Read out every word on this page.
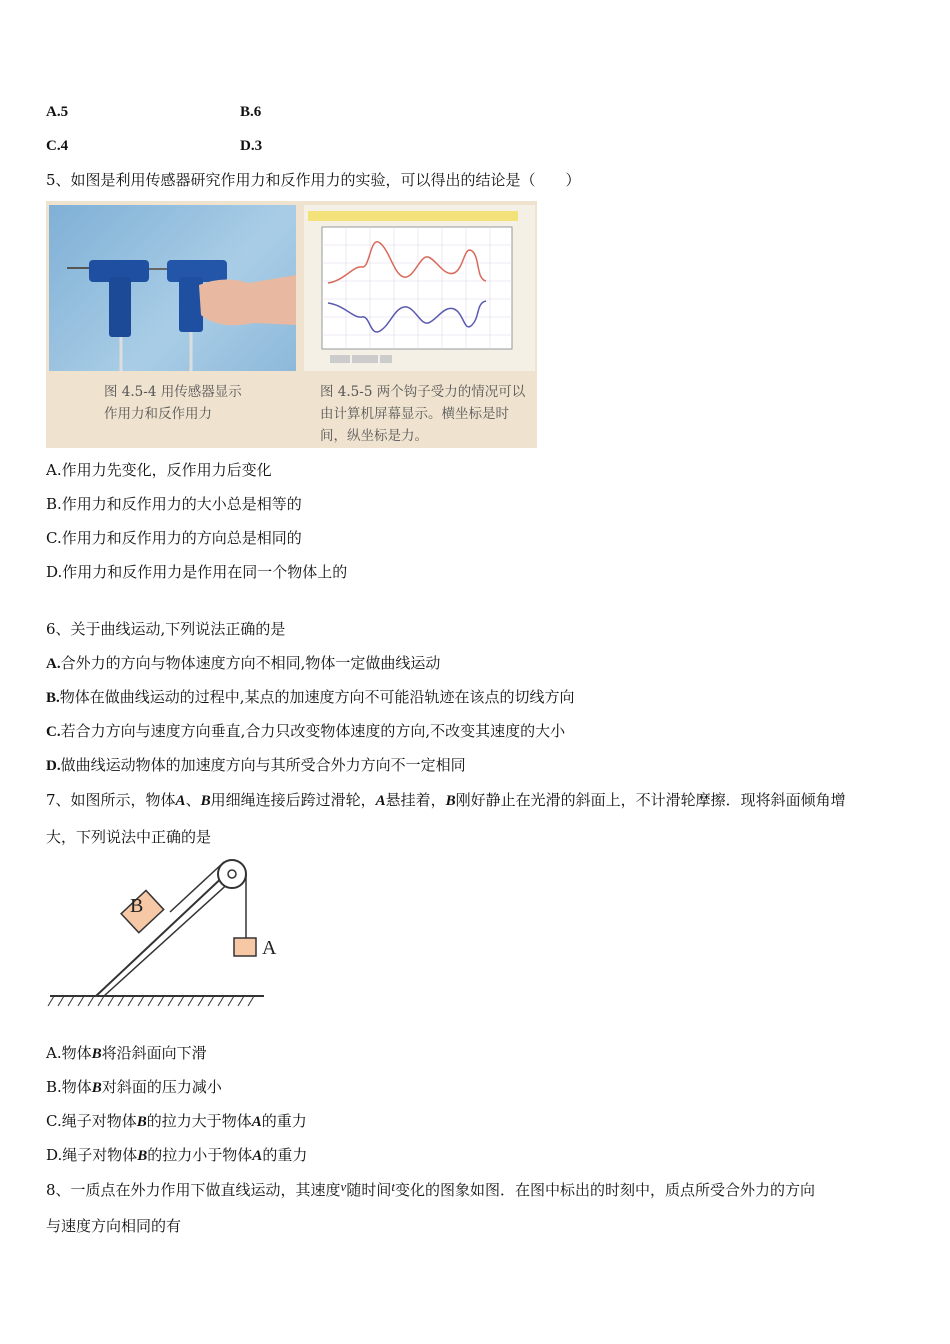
A.5	B.6
C.4	D.3
5、如图是利用传感器研究作用力和反作用力的实验，可以得出的结论是（　　）
图 4.5-4 用传感器显示作用力和反作用力
图 4.5-5 两个钩子受力的情况可以由计算机屏幕显示。横坐标是时间，纵坐标是力。
A.作用力先变化，反作用力后变化
B.作用力和反作用力的大小总是相等的
C.作用力和反作用力的方向总是相同的
D.作用力和反作用力是作用在同一个物体上的
6、关于曲线运动,下列说法正确的是
A.合外力的方向与物体速度方向不相同,物体一定做曲线运动
B.物体在做曲线运动的过程中,某点的加速度方向不可能沿轨迹在该点的切线方向
C.若合力方向与速度方向垂直,合力只改变物体速度的方向,不改变其速度的大小
D.做曲线运动物体的加速度方向与其所受合外力方向不一定相同
7、如图所示，物体A、B用细绳连接后跨过滑轮，A悬挂着，B刚好静止在光滑的斜面上，不计滑轮摩擦．现将斜面倾角增
大，下列说法中正确的是
B
A
A.物体B将沿斜面向下滑
B.物体B对斜面的压力减小
C.绳子对物体B的拉力大于物体A的重力
D.绳子对物体B的拉力小于物体A的重力
8、一质点在外力作用下做直线运动，其速度v随时间t变化的图象如图．在图中标出的时刻中，质点所受合外力的方向
与速度方向相同的有
